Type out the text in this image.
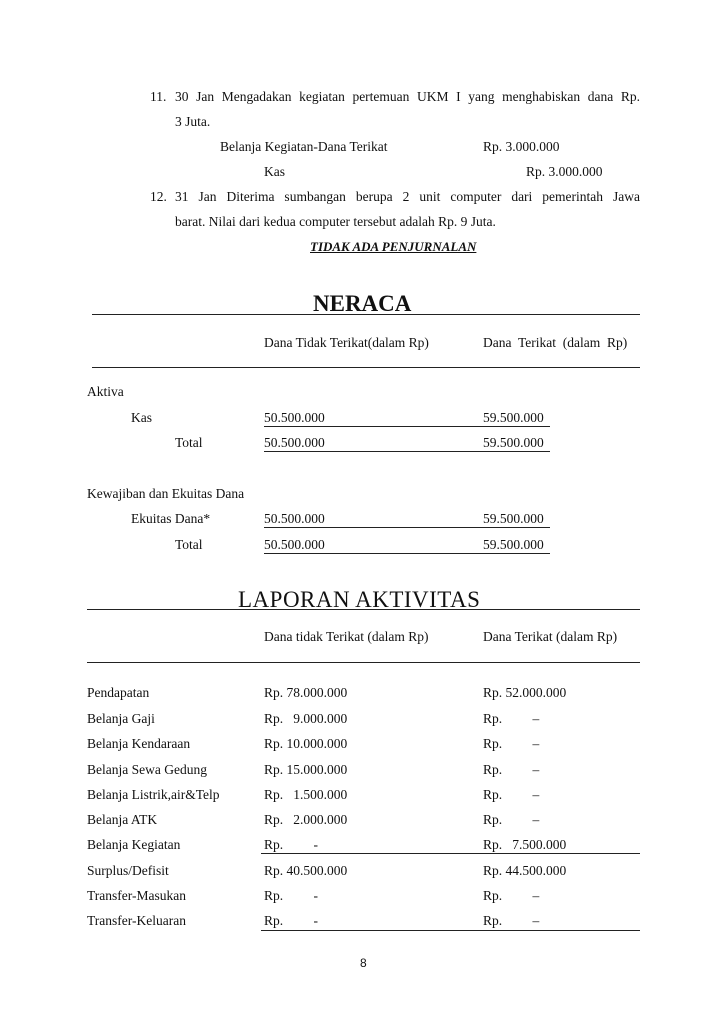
11. 30 Jan Mengadakan kegiatan pertemuan UKM I yang menghabiskan dana Rp.
3 Juta.
Belanja Kegiatan-Dana Terikat	Rp. 3.000.000
Kas	Rp. 3.000.000
12. 31 Jan Diterima sumbangan berupa 2 unit computer dari pemerintah Jawa
barat. Nilai dari kedua computer tersebut adalah Rp. 9 Juta.
TIDAK ADA PENJURNALAN
NERACA
Dana Tidak Terikat(dalam Rp)	Dana  Terikat  (dalam  Rp)
Aktiva
Kas	50.500.000	59.500.000
Total	50.500.000	59.500.000
Kewajiban dan Ekuitas Dana
Ekuitas Dana*	50.500.000	59.500.000
Total	50.500.000	59.500.000
LAPORAN AKTIVITAS
Dana tidak Terikat (dalam Rp)	Dana Terikat (dalam Rp)
Pendapatan	Rp. 78.000.000	Rp. 52.000.000
Belanja Gaji	Rp.   9.000.000	Rp.         –
Belanja Kendaraan	Rp. 10.000.000	Rp.         –
Belanja Sewa Gedung	Rp. 15.000.000	Rp.         –
Belanja Listrik,air&Telp	Rp.   1.500.000	Rp.         –
Belanja ATK	Rp.   2.000.000	Rp.         –
Belanja Kegiatan	Rp.         -	Rp.   7.500.000
Surplus/Defisit	Rp. 40.500.000	Rp. 44.500.000
Transfer-Masukan	Rp.         -	Rp.         –
Transfer-Keluaran	Rp.         -	Rp.         –
8
